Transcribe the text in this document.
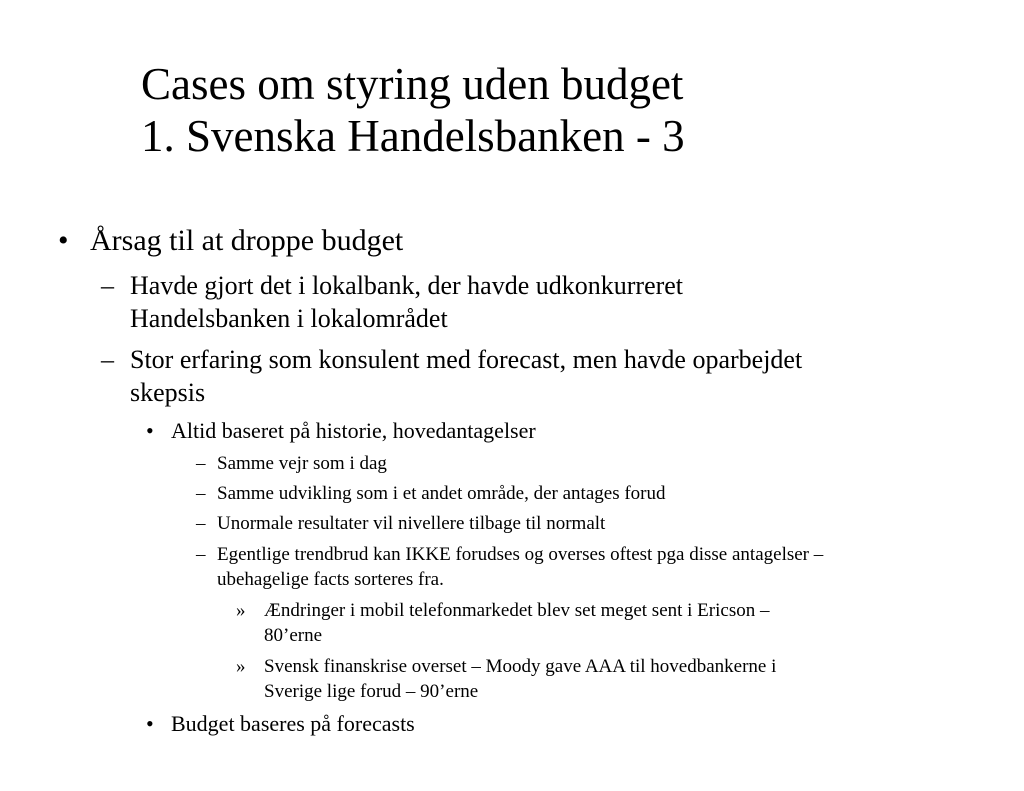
Cases om styring uden budget
1. Svenska Handelsbanken - 3
• Årsag til at droppe budget
– Havde gjort det i lokalbank, der havde udkonkurreret Handelsbanken i lokalområdet
– Stor erfaring som konsulent med forecast, men havde oparbejdet skepsis
• Altid baseret på historie, hovedantagelser
– Samme vejr som i dag
– Samme udvikling som i et andet område, der antages forud
– Unormale resultater vil nivellere tilbage til normalt
– Egentlige trendbrud kan IKKE forudses og overses oftest pga disse antagelser – ubehagelige facts sorteres fra.
» Ændringer i mobil telefonmarkedet blev set meget sent i Ericson – 80’erne
» Svensk finanskrise overset – Moody gave AAA til hovedbankerne i Sverige lige forud – 90’erne
• Budget baseres på forecasts
